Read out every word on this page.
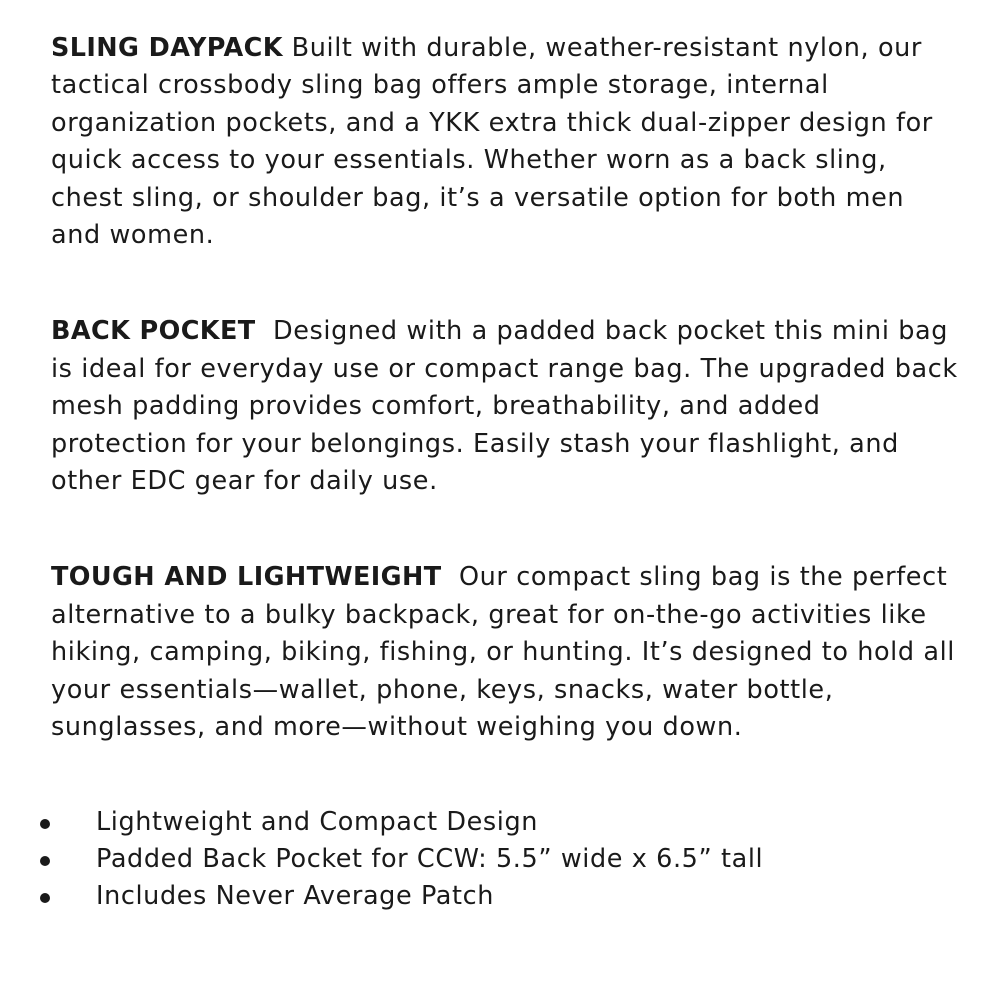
SLING DAYPACK Built with durable, weather-resistant nylon, our tactical crossbody sling bag offers ample storage, internal organization pockets, and a YKK extra thick dual-zipper design for quick access to your essentials. Whether worn as a back sling, chest sling, or shoulder bag, it’s a versatile option for both men and women.

BACK POCKET Designed with a padded back pocket this mini bag is ideal for everyday use or compact range bag. The upgraded back mesh padding provides comfort, breathability, and added protection for your belongings. Easily stash your flashlight, and other EDC gear for daily use.

TOUGH AND LIGHTWEIGHT Our compact sling bag is the perfect alternative to a bulky backpack, great for on-the-go activities like hiking, camping, biking, fishing, or hunting. It’s designed to hold all your essentials—wallet, phone, keys, snacks, water bottle, sunglasses, and more—without weighing you down.

Lightweight and Compact Design
Padded Back Pocket for CCW: 5.5” wide x 6.5” tall
Includes Never Average Patch
